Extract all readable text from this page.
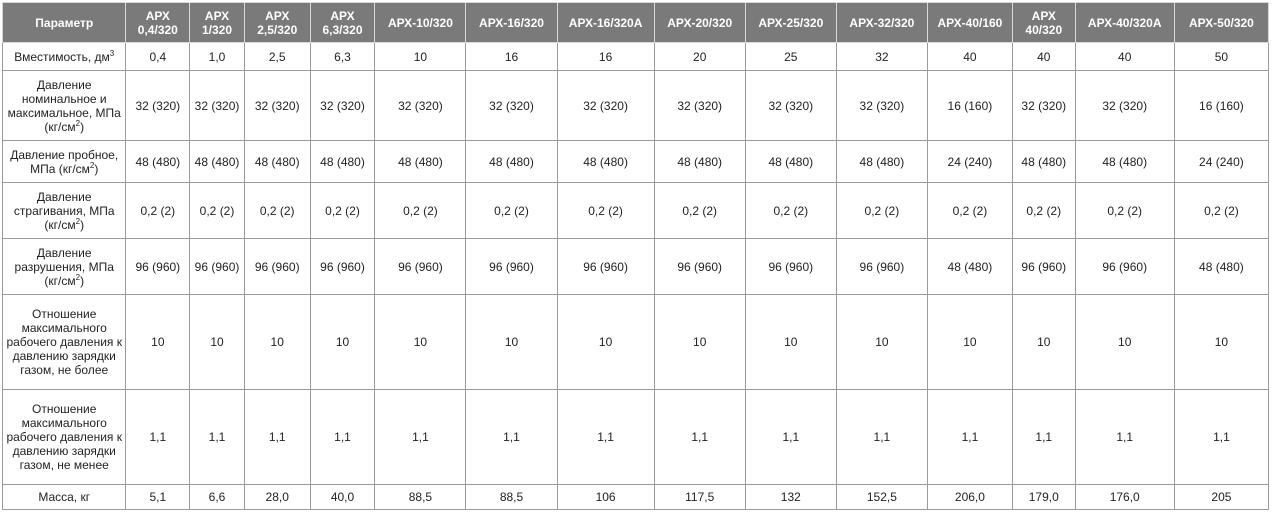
Параметр	АРХ 0,4/320	АРХ 1/320	АРХ 2,5/320	АРХ 6,3/320	АРХ-10/320	АРХ-16/320	АРХ-16/320А	АРХ-20/320	АРХ-25/320	АРХ-32/320	АРХ-40/160	АРХ 40/320	АРХ-40/320А	АРХ-50/320
Вместимость, $дм^3$	0,4	1,0	2,5	6,3	10	16	16	20	25	32	40	40	40	50
Давление номинальное и максимальное, МПа $(кг/см^2)$	32 (320)	32 (320)	32 (320)	32 (320)	32 (320)	32 (320)	32 (320)	32 (320)	32 (320)	32 (320)	16 (160)	32 (320)	32 (320)	16 (160)
Давление пробное, МПа $(кг/см^2)$	48 (480)	48 (480)	48 (480)	48 (480)	48 (480)	48 (480)	48 (480)	48 (480)	48 (480)	48 (480)	24 (240)	48 (480)	48 (480)	24 (240)
Давление страгивания, МПа $(кг/см^2)$	0,2 (2)	0,2 (2)	0,2 (2)	0,2 (2)	0,2 (2)	0,2 (2)	0,2 (2)	0,2 (2)	0,2 (2)	0,2 (2)	0,2 (2)	0,2 (2)	0,2 (2)	0,2 (2)
Давление разрушения, МПа $(кг/см^2)$	96 (960)	96 (960)	96 (960)	96 (960)	96 (960)	96 (960)	96 (960)	96 (960)	96 (960)	96 (960)	48 (480)	96 (960)	96 (960)	48 (480)
Отношение максимального рабочего давления к давлению зарядки газом, не более	10	10	10	10	10	10	10	10	10	10	10	10	10	10
Отношение максимального рабочего давления к давлению зарядки газом, не менее	1,1	1,1	1,1	1,1	1,1	1,1	1,1	1,1	1,1	1,1	1,1	1,1	1,1	1,1
Масса, кг	5,1	6,6	28,0	40,0	88,5	88,5	106	117,5	132	152,5	206,0	179,0	176,0	205
